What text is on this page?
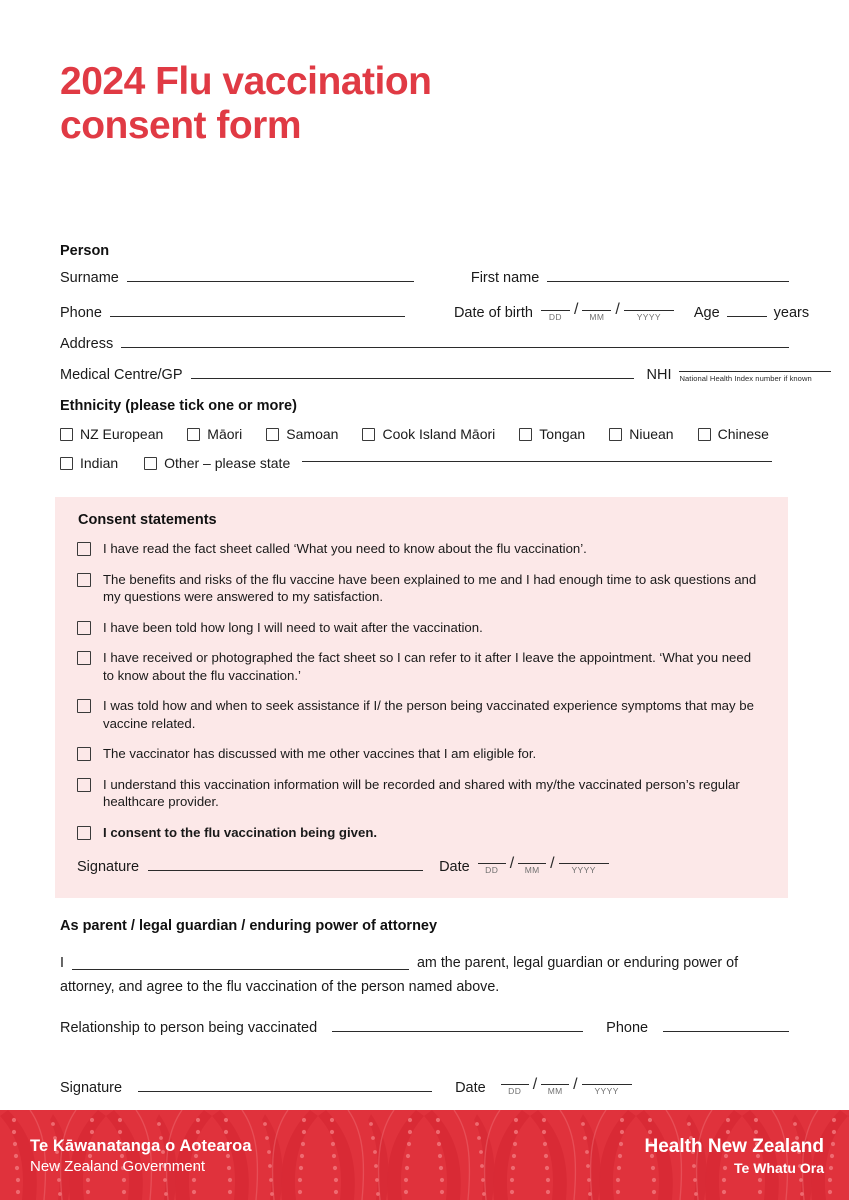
2024 Flu vaccination
consent form
Person
Surname	First name
Phone	Date of birth DD / MM / YYYY Age	years
Address
Medical Centre/GP	NHI National Health Index number if known
Ethnicity (please tick one or more)
NZ European	Māori	Samoan	Cook Island Māori	Tongan	Niuean	Chinese
Indian	Other – please state
Consent statements
I have read the fact sheet called ‘What you need to know about the flu vaccination’.
The benefits and risks of the flu vaccine have been explained to me and I had enough time to ask questions and my questions were answered to my satisfaction.
I have been told how long I will need to wait after the vaccination.
I have received or photographed the fact sheet so I can refer to it after I leave the appointment. ‘What you need to know about the flu vaccination.’
I was told how and when to seek assistance if I/ the person being vaccinated experience symptoms that may be vaccine related.
The vaccinator has discussed with me other vaccines that I am eligible for.
I understand this vaccination information will be recorded and shared with my/the vaccinated person’s regular healthcare provider.
I consent to the flu vaccination being given.
Signature	Date DD / MM / YYYY
As parent / legal guardian / enduring power of attorney
I	am the parent, legal guardian or enduring power of
attorney, and agree to the flu vaccination of the person named above.
Relationship to person being vaccinated	Phone
Signature	Date	DD / MM / YYYY
Te Kāwanatanga o Aotearoa
New Zealand Government
Health New Zealand
Te Whatu Ora
